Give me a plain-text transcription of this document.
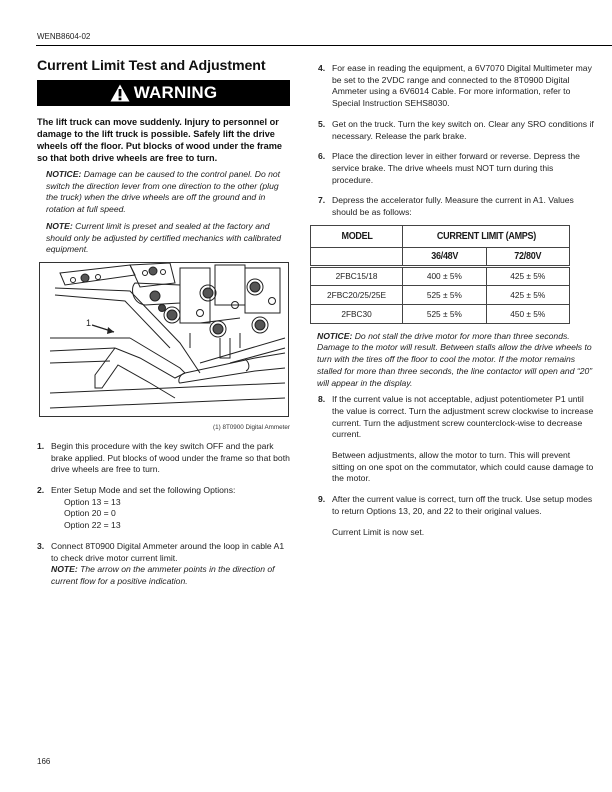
WENB8604-02
Current Limit Test and Adjustment
WARNING
The lift truck can move suddenly. Injury to personnel or damage to the lift truck is possible. Safely lift the drive wheels off the floor. Put blocks of wood under the frame so that both drive wheels are free to turn.
NOTICE: Damage can be caused to the control panel. Do not switch the direction lever from one direction to the other (plug the truck) when the drive wheels are off the ground and in rotation at full speed.
NOTE: Current limit is preset and sealed at the factory and should only be adjusted by certified mechanics with calibrated equipment.
1
(1) 8T0900 Digital Ammeter
1. Begin this procedure with the key switch OFF and the park brake applied. Put blocks of wood under the frame so that both drive wheels are free to turn.
2. Enter Setup Mode and set the following Options:
Option 13 = 13
Option 20 = 0
Option 22 = 13
3. Connect 8T0900 Digital Ammeter around the loop in cable A1 to check drive motor current limit.
NOTE: The arrow on the ammeter points in the direction of current flow for a positive indication.
4. For ease in reading the equipment, a 6V7070 Digital Multimeter may be set to the 2VDC range and connected to the 8T0900 Digital Ammeter using a 6V6014 Cable. For more information, refer to Special Instruction SEHS8030.
5. Get on the truck. Turn the key switch on. Clear any SRO conditions if necessary. Release the park brake.
6. Place the direction lever in either forward or reverse. Depress the service brake. The drive wheels must NOT turn during this procedure.
7. Depress the accelerator fully. Measure the current in A1. Values should be as follows:
MODEL	CURRENT LIMIT (AMPS)	
	36/48V	72/80V
2FBC15/18	400 ± 5%	425 ± 5%
2FBC20/25/25E	525 ± 5%	425 ± 5%
2FBC30	525 ± 5%	450 ± 5%
NOTICE: Do not stall the drive motor for more than three seconds. Damage to the motor will result. Between stalls allow the drive wheels to turn with the tires off the floor to cool the motor. If the motor remains stalled for more than three seconds, the line contactor will open and “20” will appear in the display.
8. If the current value is not acceptable, adjust potentiometer P1 until the value is correct. Turn the adjustment screw clockwise to increase current. Turn the adjustment screw counterclock-wise to decrease current.
Between adjustments, allow the motor to turn. This will prevent sitting on one spot on the commutator, which could cause damage to the motor.
9. After the current value is correct, turn off the truck. Use setup modes to return Options 13, 20, and 22 to their original values.
Current Limit is now set.
166
